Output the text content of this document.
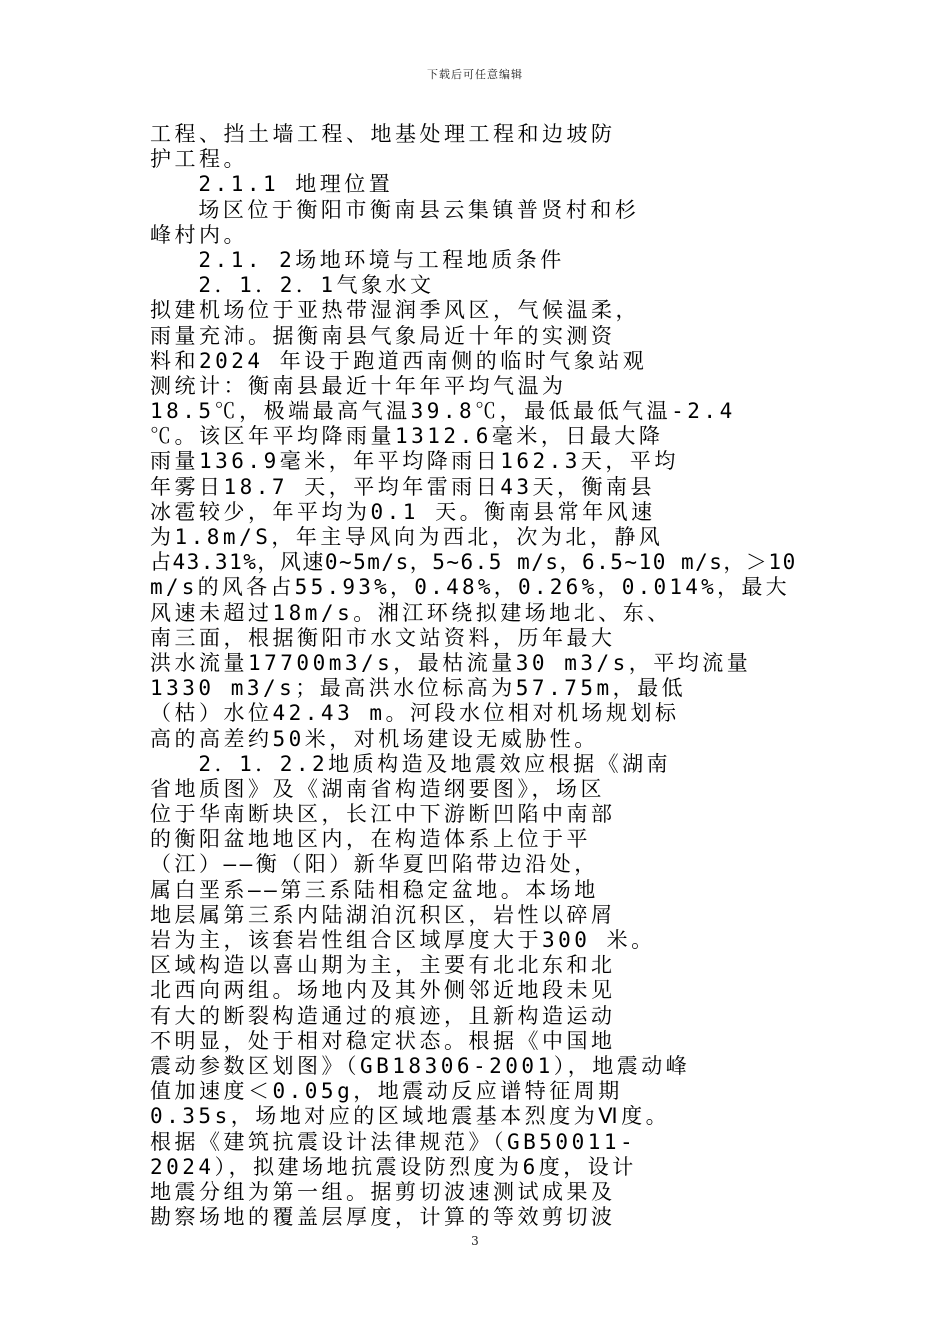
下载后可任意编辑
工程、挡土墙工程、地基处理工程和边坡防
护工程。
2.1.1 地理位置
场区位于衡阳市衡南县云集镇普贤村和杉
峰村内。
2.1. 2场地环境与工程地质条件
2．1．2．1气象水文
拟建机场位于亚热带湿润季风区，气候温柔，
雨量充沛。据衡南县气象局近十年的实测资
料和2024 年设于跑道西南侧的临时气象站观
测统计：衡南县最近十年年平均气温为
18.5℃，极端最高气温39.8℃，最低最低气温-2.4
℃。该区年平均降雨量1312.6毫米，日最大降
雨量136.9毫米，年平均降雨日162.3天，平均
年雾日18.7 天，平均年雷雨日43天，衡南县
冰雹较少，年平均为0.1 天。衡南县常年风速
为1.8m/S，年主导风向为西北，次为北，静风
占43.31%，风速0~5m/s，5~6.5 m/s，6.5~10 m/s，＞10
m/s的风各占55.93%，0.48%，0.26%，0.014%，最大
风速未超过18m/s。湘江环绕拟建场地北、东、
南三面，根据衡阳市水文站资料，历年最大
洪水流量17700m3/s，最枯流量30 m3/s，平均流量
1330 m3/s；最高洪水位标高为57.75m，最低
（枯）水位42.43 m。河段水位相对机场规划标
高的高差约50米，对机场建设无威胁性。
2．1．2.2地质构造及地震效应根据《湖南
省地质图》及《湖南省构造纲要图》，场区
位于华南断块区，长江中下游断凹陷中南部
的衡阳盆地地区内，在构造体系上位于平
（江）——衡（阳）新华夏凹陷带边沿处，
属白垩系——第三系陆相稳定盆地。本场地
地层属第三系内陆湖泊沉积区，岩性以碎屑
岩为主，该套岩性组合区域厚度大于300 米。
区域构造以喜山期为主，主要有北北东和北
北西向两组。场地内及其外侧邻近地段未见
有大的断裂构造通过的痕迹，且新构造运动
不明显，处于相对稳定状态。根据《中国地
震动参数区划图》（GB18306-2001），地震动峰
值加速度＜0.05g，地震动反应谱特征周期
0.35s，场地对应的区域地震基本烈度为Ⅵ度。
根据《建筑抗震设计法律规范》（GB50011-
2024），拟建场地抗震设防烈度为6度，设计
地震分组为第一组。据剪切波速测试成果及
勘察场地的覆盖层厚度，计算的等效剪切波
3
